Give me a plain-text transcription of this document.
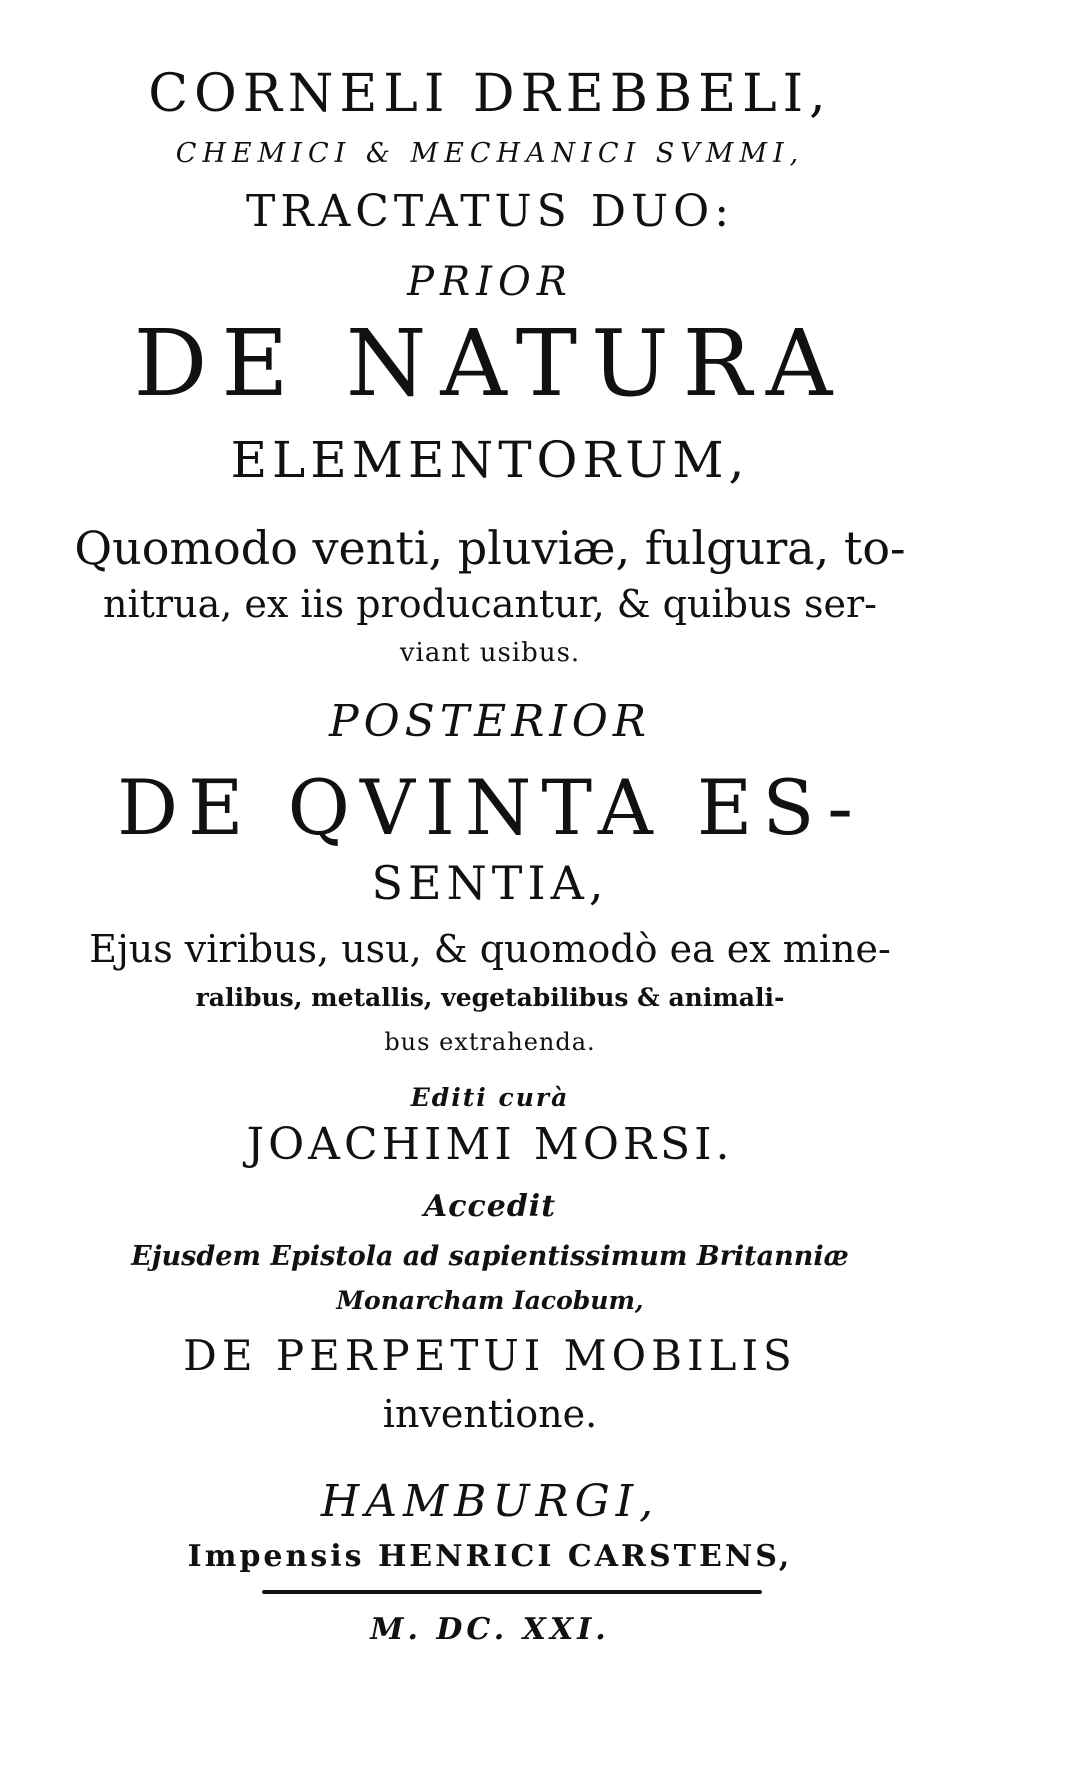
CORNELI DREBBELI,
CHEMICI & MECHANICI SVMMI,
TRACTATUS DUO:
PRIOR
DE NATURA
ELEMENTORUM,
Quomodo venti, pluviæ, fulgura, to-
nitrua, ex iis producantur, & quibus ser-
viant usibus.
POSTERIOR
DE QVINTA ES-
SENTIA,
Ejus viribus, usu, & quomodò ea ex mine-
ralibus, metallis, vegetabilibus & animali-
bus extrahenda.
Editi curà
JOACHIMI MORSI.
Accedit
Ejusdem Epistola ad sapientissimum Britanniæ
Monarcham Iacobum,
DE PERPETUI MOBILIS
inventione.
HAMBURGI,
Impensis HENRICI CARSTENS,
M. DC. XXI.
